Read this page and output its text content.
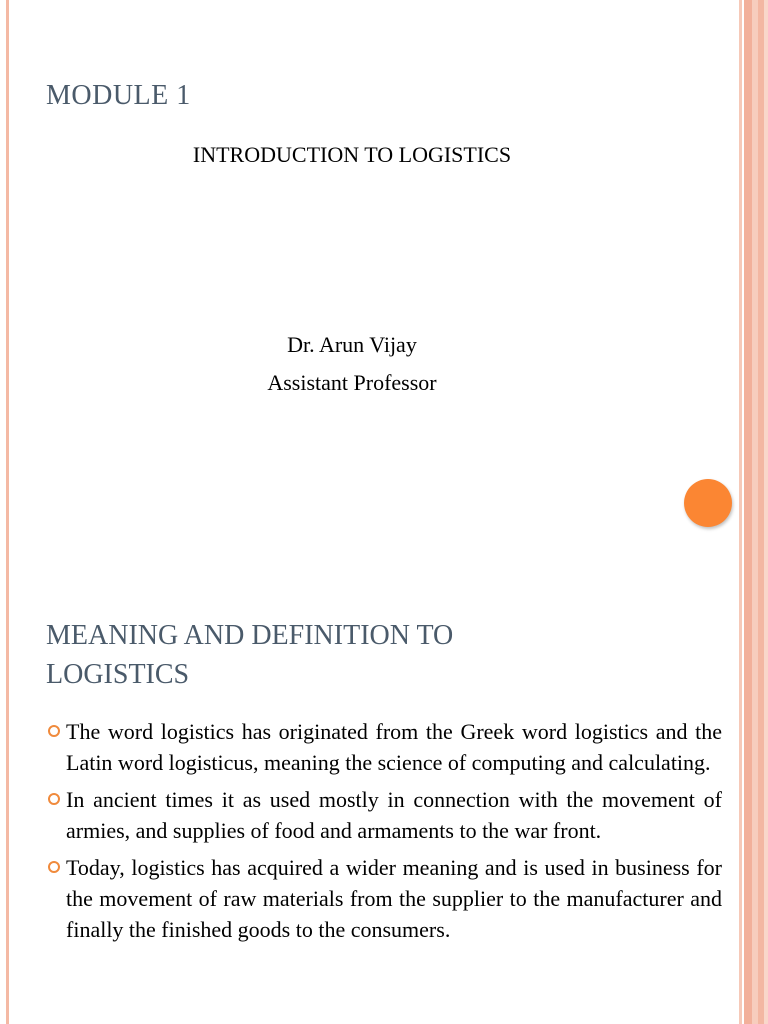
MODULE 1
INTRODUCTION TO LOGISTICS
Dr. Arun Vijay
Assistant Professor
MEANING AND DEFINITION TO
LOGISTICS
The word logistics has originated from the Greek word logistics and the Latin word logisticus, meaning the science of computing and calculating.
In ancient times it as used mostly in connection with the movement of armies, and supplies of food and armaments to the war front.
Today, logistics has acquired a wider meaning and is used in business for the movement of raw materials from the supplier to the manufacturer and finally the finished goods to the consumers.
